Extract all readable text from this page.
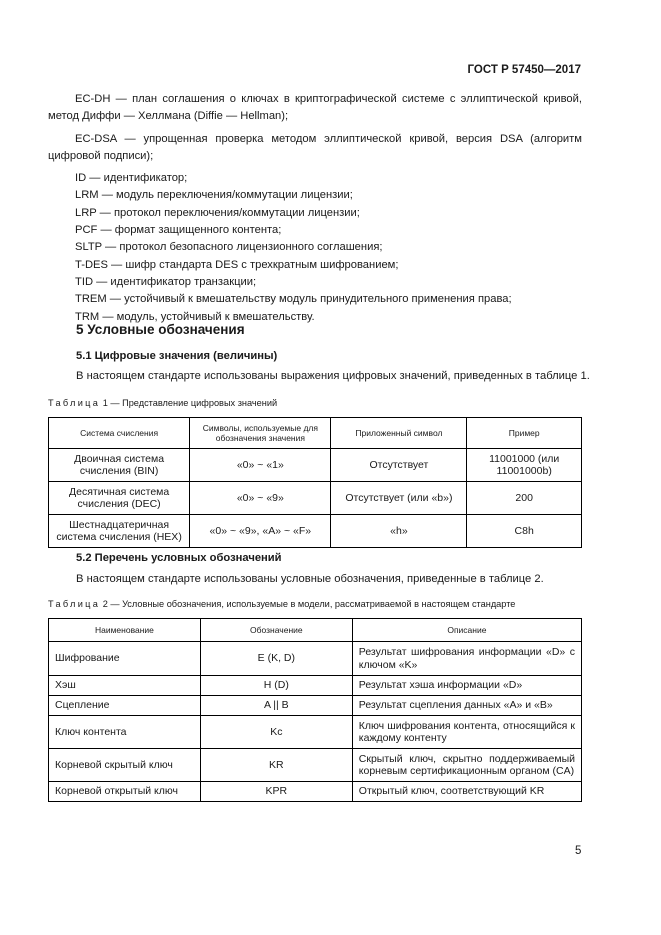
ГОСТ Р 57450—2017

EC-DH — план соглашения о ключах в криптографической системе с эллиптической кривой, метод Диффи — Хеллмана (Diffie — Hellman);

EC-DSA — упрощенная проверка методом эллиптической кривой, версия DSA (алгоритм цифровой подписи);

ID — идентификатор;

LRM — модуль переключения/коммутации лицензии;

LRP — протокол переключения/коммутации лицензии;

PCF — формат защищенного контента;

SLTP — протокол безопасного лицензионного соглашения;

T-DES — шифр стандарта DES с трехкратным шифрованием;

TID — идентификатор транзакции;

TREM — устойчивый к вмешательству модуль принудительного применения права;

TRM — модуль, устойчивый к вмешательству.

5 Условные обозначения
5.1 Цифровые значения (величины)
В настоящем стандарте использованы выражения цифровых значений, приведенных в таблице 1.
Таблица 1 — Представление цифровых значений
Система счисления	Символы, используемые для обозначения значения	Приложенный символ	Пример
Двоичная система счисления (BIN)	«0» ~ «1»	Отсутствует	11001000 (или 11001000b)
Десятичная система счисления (DEC)	«0» ~ «9»	Отсутствует (или «b»)	200
Шестнадцатеричная система счисления (HEX)	«0» ~ «9», «A» ~ «F»	«h»	C8h
5.2 Перечень условных обозначений
В настоящем стандарте использованы условные обозначения, приведенные в таблице 2.
Таблица 2 — Условные обозначения, используемые в модели, рассматриваемой в настоящем стандарте
Наименование	Обозначение	Описание
Шифрование	E (K, D)	Результат шифрования информации «D» с ключом «K»
Хэш	H (D)	Результат хэша информации «D»
Сцепление	A || B	Результат сцепления данных «A» и «B»
Ключ контента	Kc	Ключ шифрования контента, относящийся к каждому контенту
Корневой скрытый ключ	KR	Скрытый ключ, скрытно поддерживаемый корневым сертификационным органом (CA)
Корневой открытый ключ	KPR	Открытый ключ, соответствующий KR
5
